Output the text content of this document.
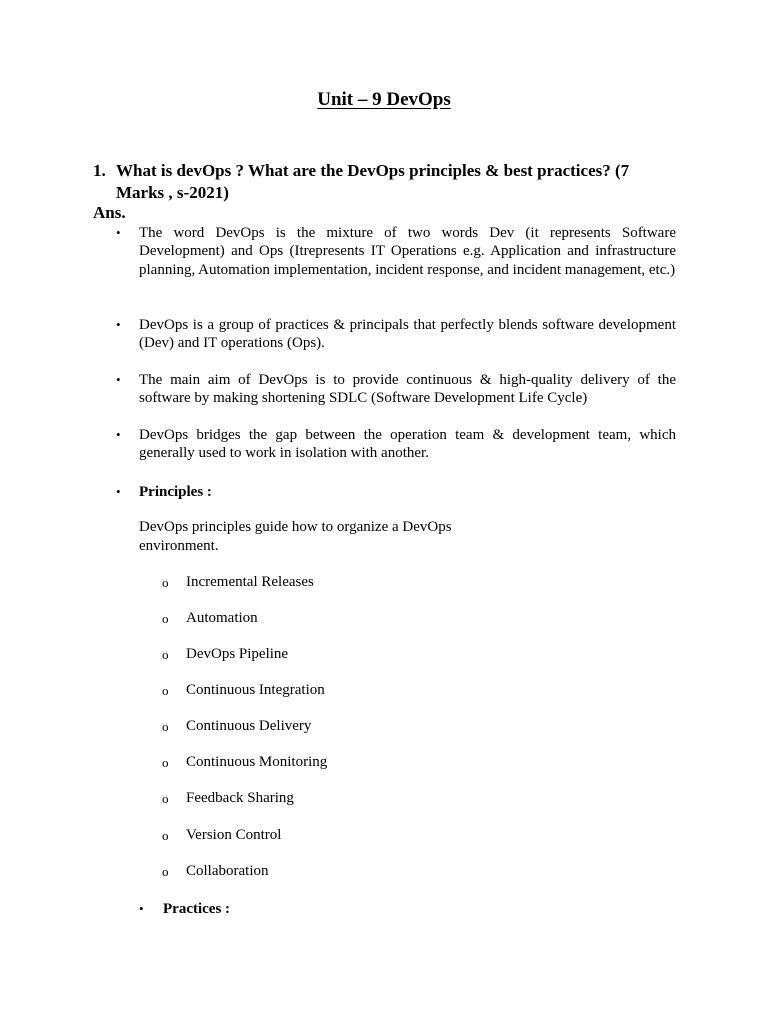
Unit – 9 DevOps
1. What is devOps ? What are the DevOps principles & best practices? (7 Marks , s-2021)
Ans.
• The word DevOps is the mixture of two words Dev (it represents Software Development) and Ops (Itrepresents IT Operations e.g. Application and infrastructure planning, Automation implementation, incident response, and incident management, etc.)
• DevOps is a group of practices & principals that perfectly blends software development (Dev) and IT operations (Ops).
• The main aim of DevOps is to provide continuous & high-quality delivery of the software by making shortening SDLC (Software Development Life Cycle)
• DevOps bridges the gap between the operation team & development team, which generally used to work in isolation with another.
• Principles :
DevOps principles guide how to organize a DevOps environment.
o Incremental Releases
o Automation
o DevOps Pipeline
o Continuous Integration
o Continuous Delivery
o Continuous Monitoring
o Feedback Sharing
o Version Control
o Collaboration
• Practices :
